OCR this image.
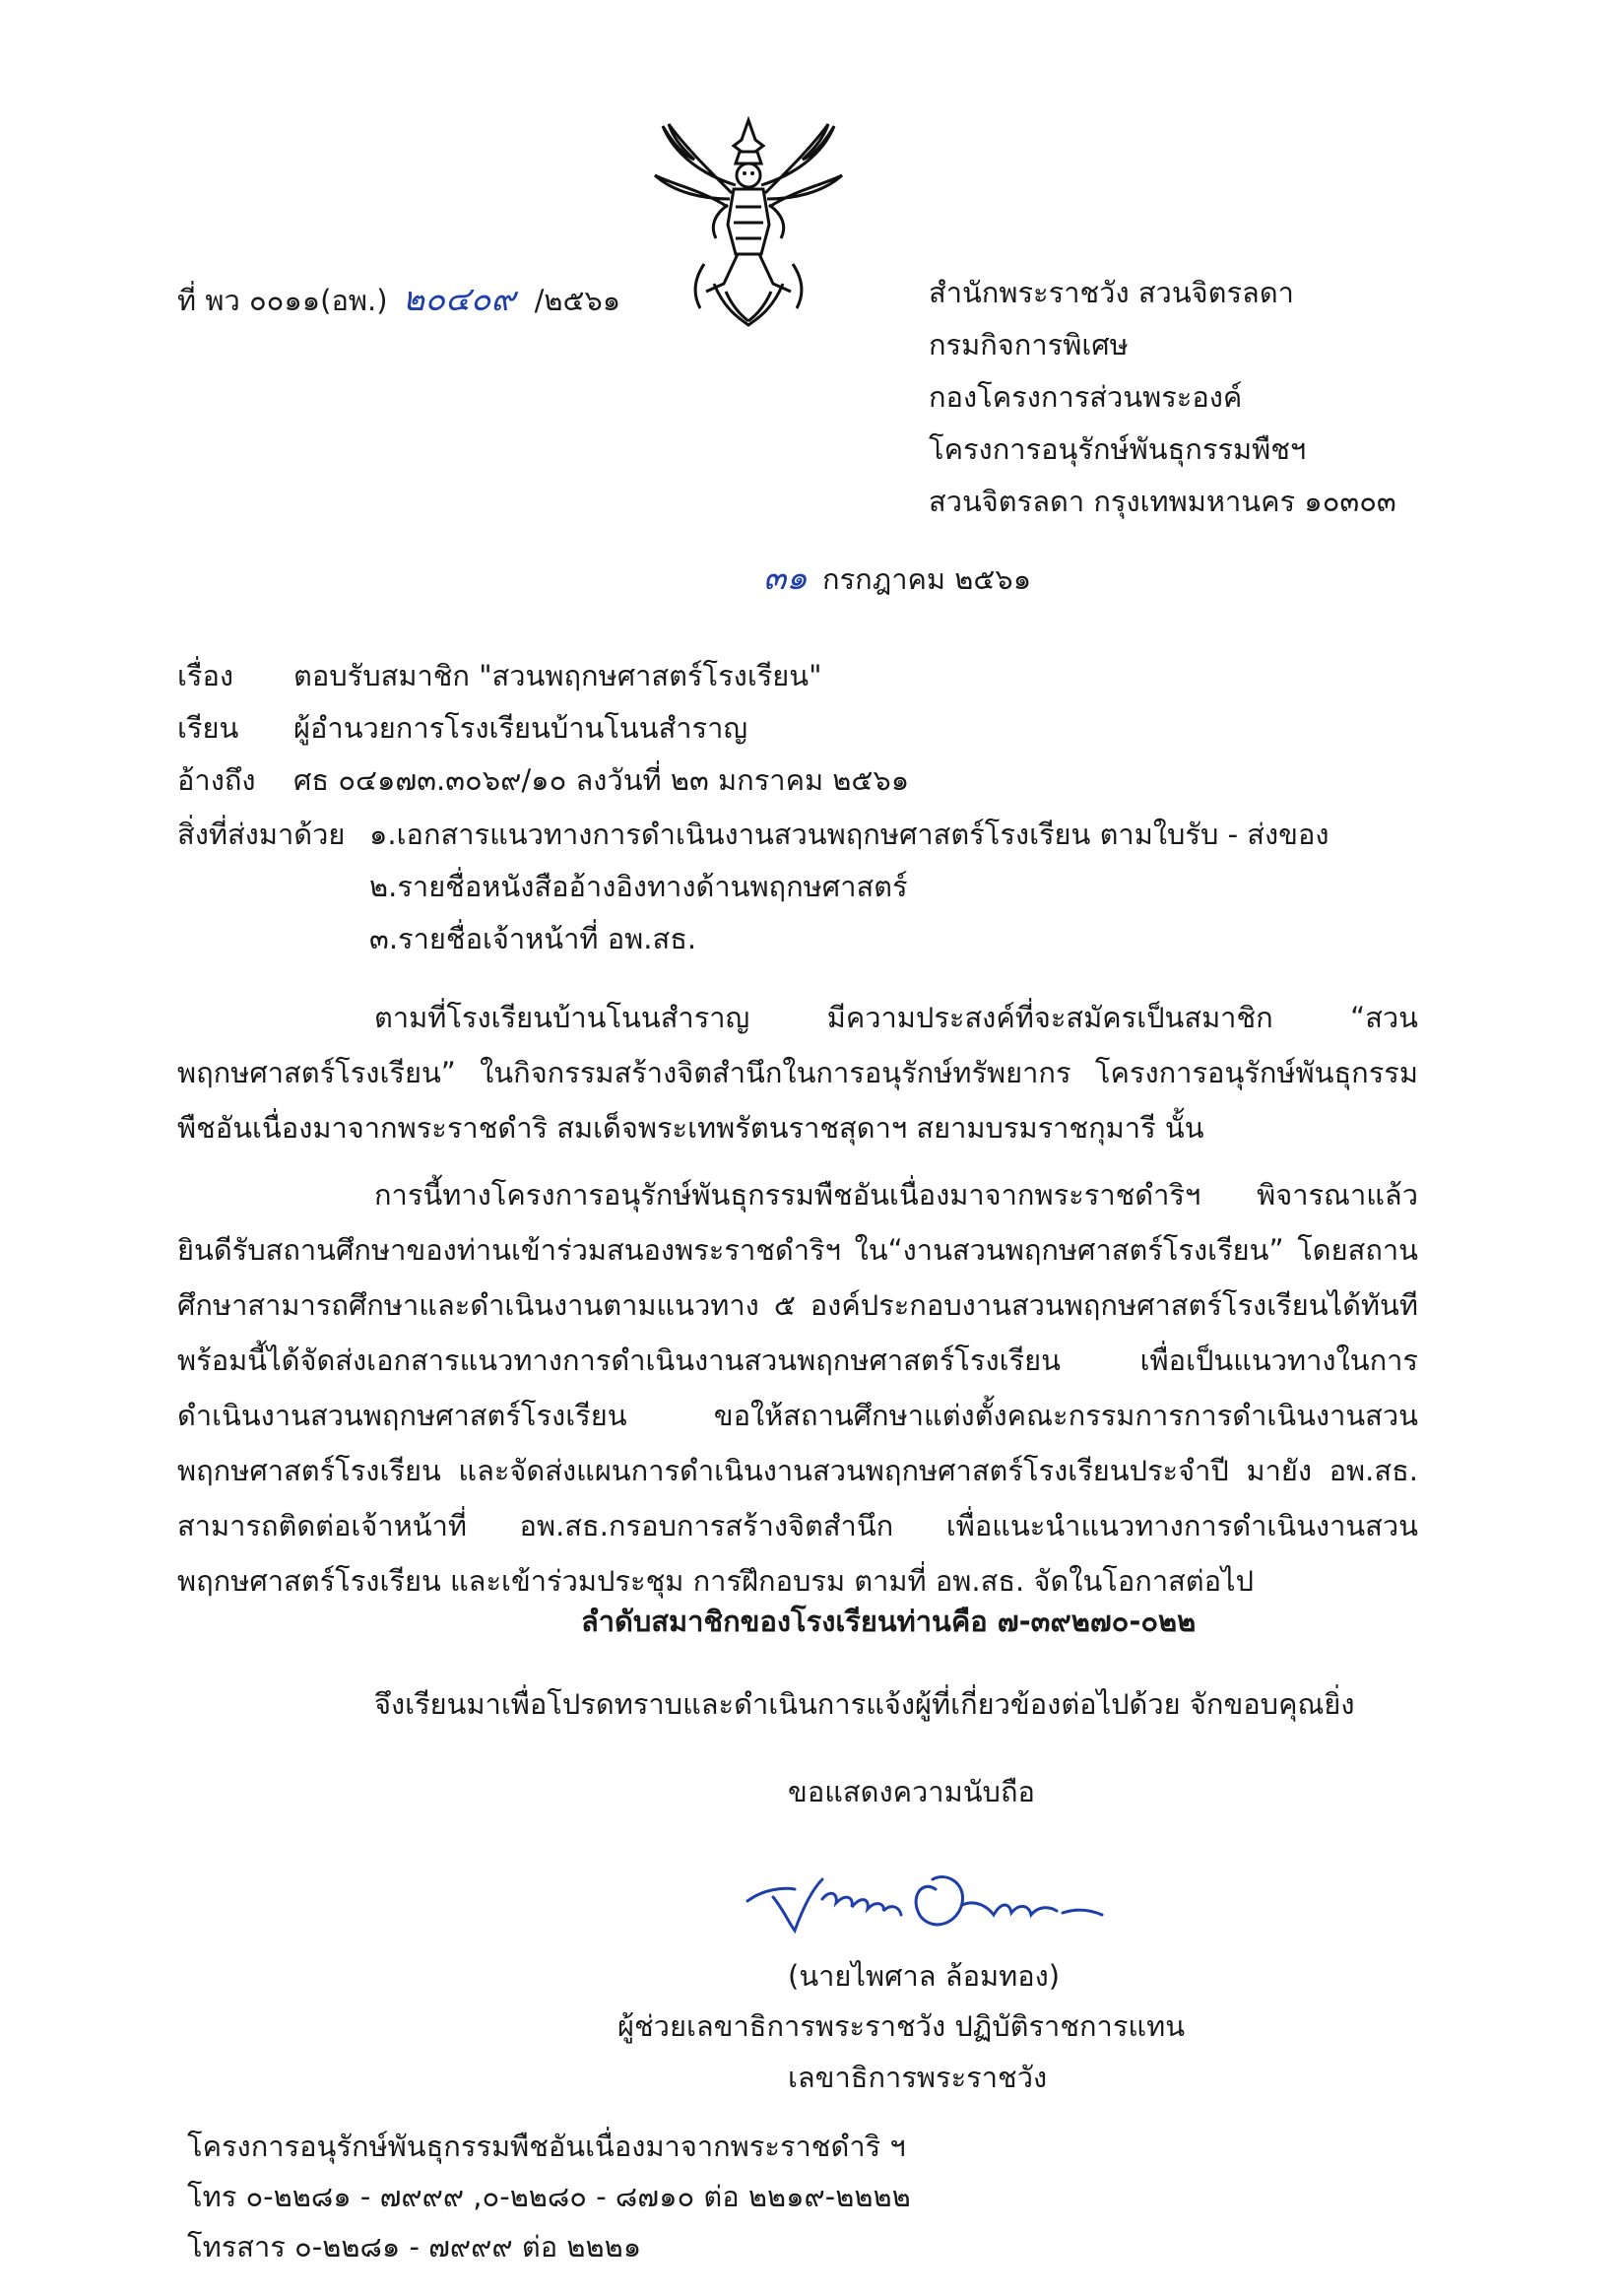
ที่ พว ๐๐๑๑(อพ.) ๒๐๔๐๙ /๒๕๖๑	สำนักพระราชวัง สวนจิตรลดา
กรมกิจการพิเศษ
กองโครงการส่วนพระองค์
โครงการอนุรักษ์พันธุกรรมพืชฯ
สวนจิตรลดา กรุงเทพมหานคร ๑๐๓๐๓
๓๑ กรกฎาคม ๒๕๖๑
เรื่อง ตอบรับสมาชิก "สวนพฤกษศาสตร์โรงเรียน"
เรียน ผู้อำนวยการโรงเรียนบ้านโนนสำราญ
อ้างถึง ศธ ๐๔๑๗๓.๓๐๖๙/๑๐ ลงวันที่ ๒๓ มกราคม ๒๕๖๑
สิ่งที่ส่งมาด้วย ๑.เอกสารแนวทางการดำเนินงานสวนพฤกษศาสตร์โรงเรียน ตามใบรับ - ส่งของ
๒.รายชื่อหนังสืออ้างอิงทางด้านพฤกษศาสตร์
๓.รายชื่อเจ้าหน้าที่ อพ.สธ.
ตามที่โรงเรียนบ้านโนนสำราญ มีความประสงค์ที่จะสมัครเป็นสมาชิก “สวนพฤกษศาสตร์โรงเรียน” ในกิจกรรมสร้างจิตสำนึกในการอนุรักษ์ทรัพยากร โครงการอนุรักษ์พันธุกรรมพืชอันเนื่องมาจากพระราชดำริ สมเด็จพระเทพรัตนราชสุดาฯ สยามบรมราชกุมารี นั้น
การนี้ทางโครงการอนุรักษ์พันธุกรรมพืชอันเนื่องมาจากพระราชดำริฯ พิจารณาแล้ว ยินดีรับสถานศึกษาของท่านเข้าร่วมสนองพระราชดำริฯ ใน“งานสวนพฤกษศาสตร์โรงเรียน” โดยสถานศึกษาสามารถศึกษาและดำเนินงานตามแนวทาง ๕ องค์ประกอบงานสวนพฤกษศาสตร์โรงเรียนได้ทันที พร้อมนี้ได้จัดส่งเอกสารแนวทางการดำเนินงานสวนพฤกษศาสตร์โรงเรียน เพื่อเป็นแนวทางในการดำเนินงานสวนพฤกษศาสตร์โรงเรียน ขอให้สถานศึกษาแต่งตั้งคณะกรรมการการดำเนินงานสวนพฤกษศาสตร์โรงเรียน และจัดส่งแผนการดำเนินงานสวนพฤกษศาสตร์โรงเรียนประจำปี มายัง อพ.สธ. สามารถติดต่อเจ้าหน้าที่ อพ.สธ.กรอบการสร้างจิตสำนึก เพื่อแนะนำแนวทางการดำเนินงานสวนพฤกษศาสตร์โรงเรียน และเข้าร่วมประชุม การฝึกอบรม ตามที่ อพ.สธ. จัดในโอกาสต่อไป
ลำดับสมาชิกของโรงเรียนท่านคือ ๗-๓๙๒๗๐-๐๒๒
จึงเรียนมาเพื่อโปรดทราบและดำเนินการแจ้งผู้ที่เกี่ยวข้องต่อไปด้วย จักขอบคุณยิ่ง
ขอแสดงความนับถือ
(นายไพศาล ล้อมทอง)
ผู้ช่วยเลขาธิการพระราชวัง ปฏิบัติราชการแทน
เลขาธิการพระราชวัง
โครงการอนุรักษ์พันธุกรรมพืชอันเนื่องมาจากพระราชดำริ ฯ
โทร ๐-๒๒๘๑ - ๗๙๙๙ ,๐-๒๒๘๐ - ๘๗๑๐ ต่อ ๒๒๑๙-๒๒๒๒
โทรสาร ๐-๒๒๘๑ - ๗๙๙๙ ต่อ ๒๒๒๑
